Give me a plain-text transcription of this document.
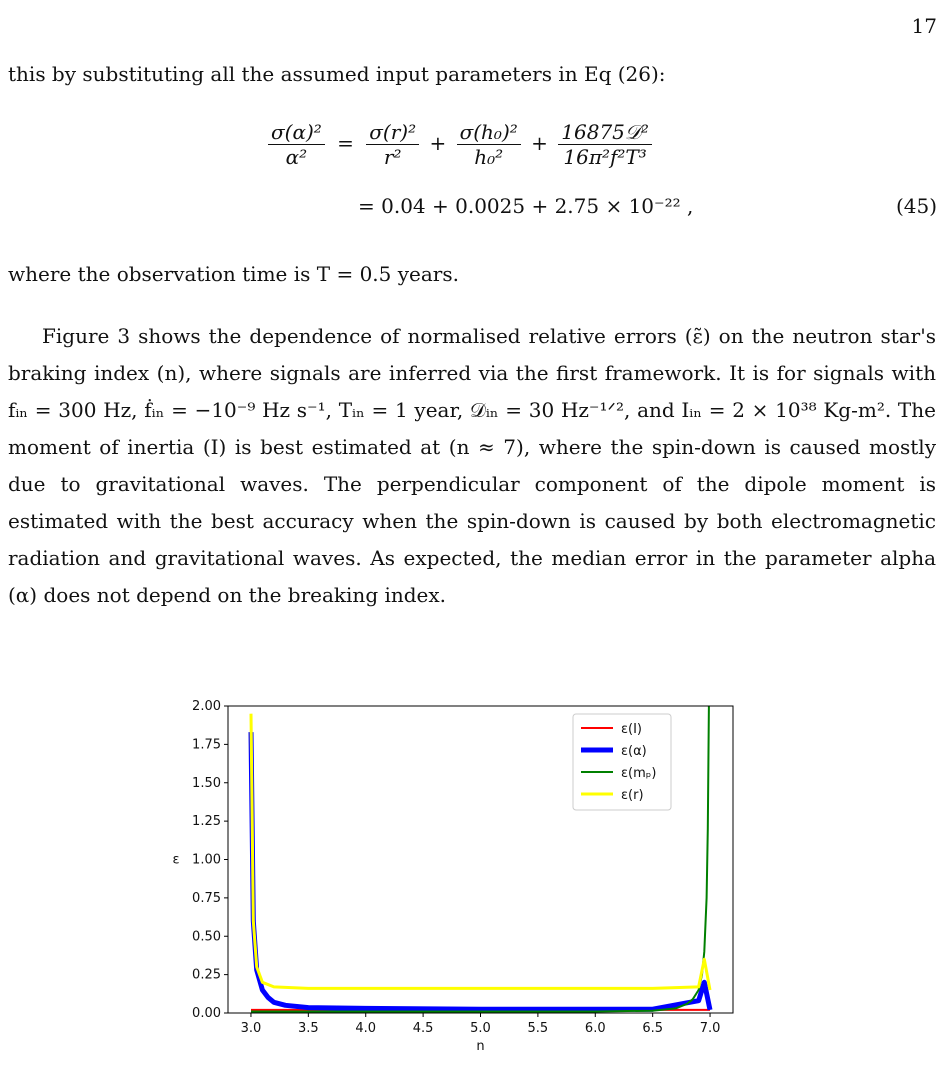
17

this by substituting all the assumed input parameters in Eq (26):

$\frac{\text{σ(α)²}}{\text{α²}} = \frac{\text{σ(r)²}}{\text{r²}} + \frac{\text{σ(h₀)²}}{\text{h₀²}} + \frac{\text{16875𝒟²}}{\text{16π²f²T³}}$
= 0.04 + 0.0025 + 2.75 × 10⁻²² ,	(45)

where the observation time is T = 0.5 years.

Figure 3 shows the dependence of normalised relative errors (ε̃) on the neutron star's braking index (n), where signals are inferred via the first framework. It is for signals with fᵢₙ = 300 Hz, ḟᵢₙ = −10⁻⁹ Hz s⁻¹, Tᵢₙ = 1 year, 𝒟ᵢₙ = 30 Hz⁻¹ᐟ², and Iᵢₙ = 2 × 10³⁸ Kg-m². The moment of inertia (I) is best estimated at (n ≈ 7), where the spin-down is caused mostly due to gravitational waves. The perpendicular component of the dipole moment is estimated with the best accuracy when the spin-down is caused by both electromagnetic radiation and gravitational waves. As expected, the median error in the parameter alpha (α) does not depend on the breaking index.

3.0	3.5	4.0	4.5	5.0	5.5	6.0	6.5	7.0
0.00
0.25
0.50
0.75
1.00
1.25
1.50
1.75
2.00
n
ε
ε(I)
ε(α)
ε(mₚ)
ε(r)
